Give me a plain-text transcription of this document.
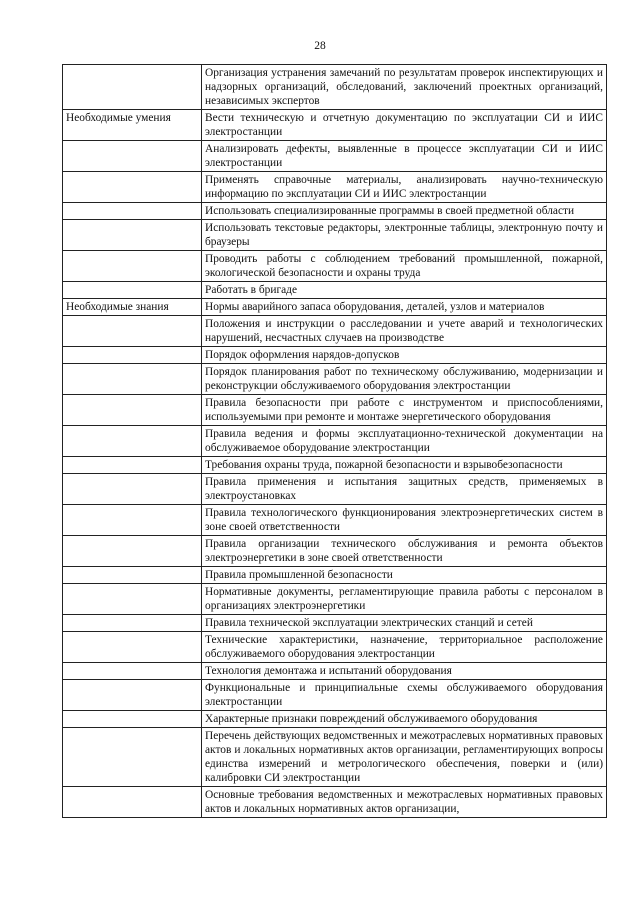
28
	Организация устранения замечаний по результатам проверок инспектирующих и надзорных организаций, обследований, заключений проектных организаций, независимых экспертов
Необходимые умения	Вести техническую и отчетную документацию по эксплуатации СИ и ИИС электростанции
	Анализировать дефекты, выявленные в процессе эксплуатации СИ и ИИС электростанции
	Применять справочные материалы, анализировать научно-техническую информацию по эксплуатации СИ и ИИС электростанции
	Использовать специализированные программы в своей предметной области
	Использовать текстовые редакторы, электронные таблицы, электронную почту и браузеры
	Проводить работы с соблюдением требований промышленной, пожарной, экологической безопасности и охраны труда
	Работать в бригаде
Необходимые знания	Нормы аварийного запаса оборудования, деталей, узлов и материалов
	Положения и инструкции о расследовании и учете аварий и технологических нарушений, несчастных случаев на производстве
	Порядок оформления нарядов-допусков
	Порядок планирования работ по техническому обслуживанию, модернизации и реконструкции обслуживаемого оборудования электростанции
	Правила безопасности при работе с инструментом и приспособлениями, используемыми при ремонте и монтаже энергетического оборудования
	Правила ведения и формы эксплуатационно-технической документации на обслуживаемое оборудование электростанции
	Требования охраны труда, пожарной безопасности и взрывобезопасности
	Правила применения и испытания защитных средств, применяемых в электроустановках
	Правила технологического функционирования электроэнергетических систем в зоне своей ответственности
	Правила организации технического обслуживания и ремонта объектов электроэнергетики в зоне своей ответственности
	Правила промышленной безопасности
	Нормативные документы, регламентирующие правила работы с персоналом в организациях электроэнергетики
	Правила технической эксплуатации электрических станций и сетей
	Технические характеристики, назначение, территориальное расположение обслуживаемого оборудования электростанции
	Технология демонтажа и испытаний оборудования
	Функциональные и принципиальные схемы обслуживаемого оборудования электростанции
	Характерные признаки повреждений обслуживаемого оборудования
	Перечень действующих ведомственных и межотраслевых нормативных правовых актов и локальных нормативных актов организации, регламентирующих вопросы единства измерений и метрологического обеспечения, поверки и (или) калибровки СИ электростанции
	Основные требования ведомственных и межотраслевых нормативных правовых актов и локальных нормативных актов организации,
